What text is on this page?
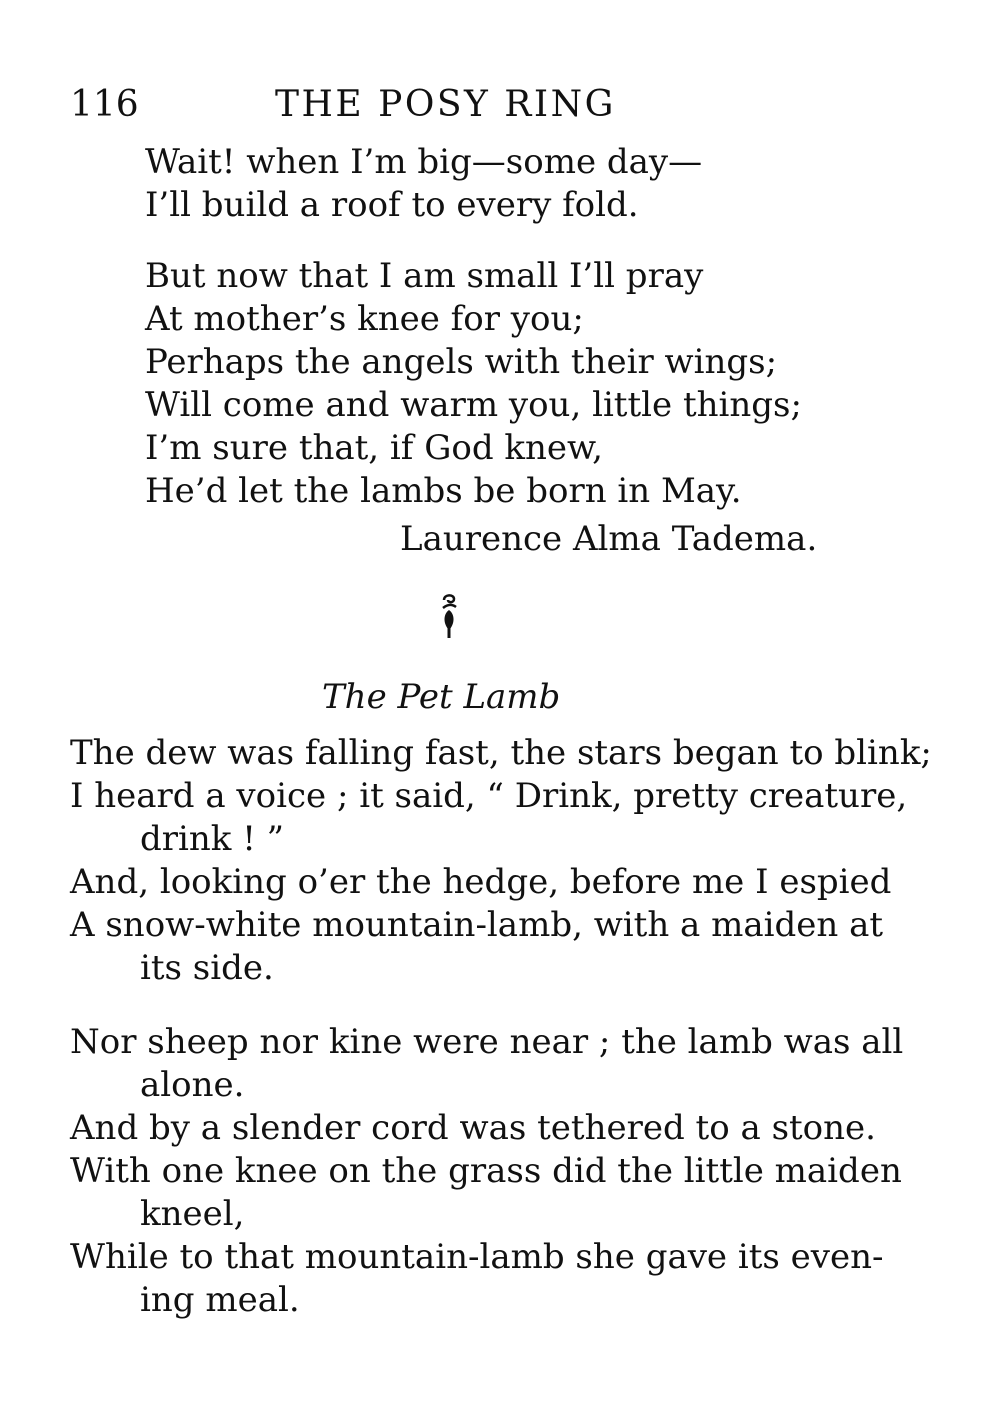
116	THE POSY RING
Wait! when I’m big—some day—
I’ll build a roof to every fold.
But now that I am small I’ll pray
At mother’s knee for you;
Perhaps the angels with their wings;
Will come and warm you, little things;
I’m sure that, if God knew,
He’d let the lambs be born in May.
Laurence Alma Tadema.
The Pet Lamb
The dew was falling fast, the stars began to blink;
I heard a voice ; it said, “ Drink, pretty creature,
drink ! ”
And, looking o’er the hedge, before me I espied
A snow-white mountain-lamb, with a maiden at
its side.
Nor sheep nor kine were near ; the lamb was all
alone.
And by a slender cord was tethered to a stone.
With one knee on the grass did the little maiden
kneel,
While to that mountain-lamb she gave its even-
ing meal.
